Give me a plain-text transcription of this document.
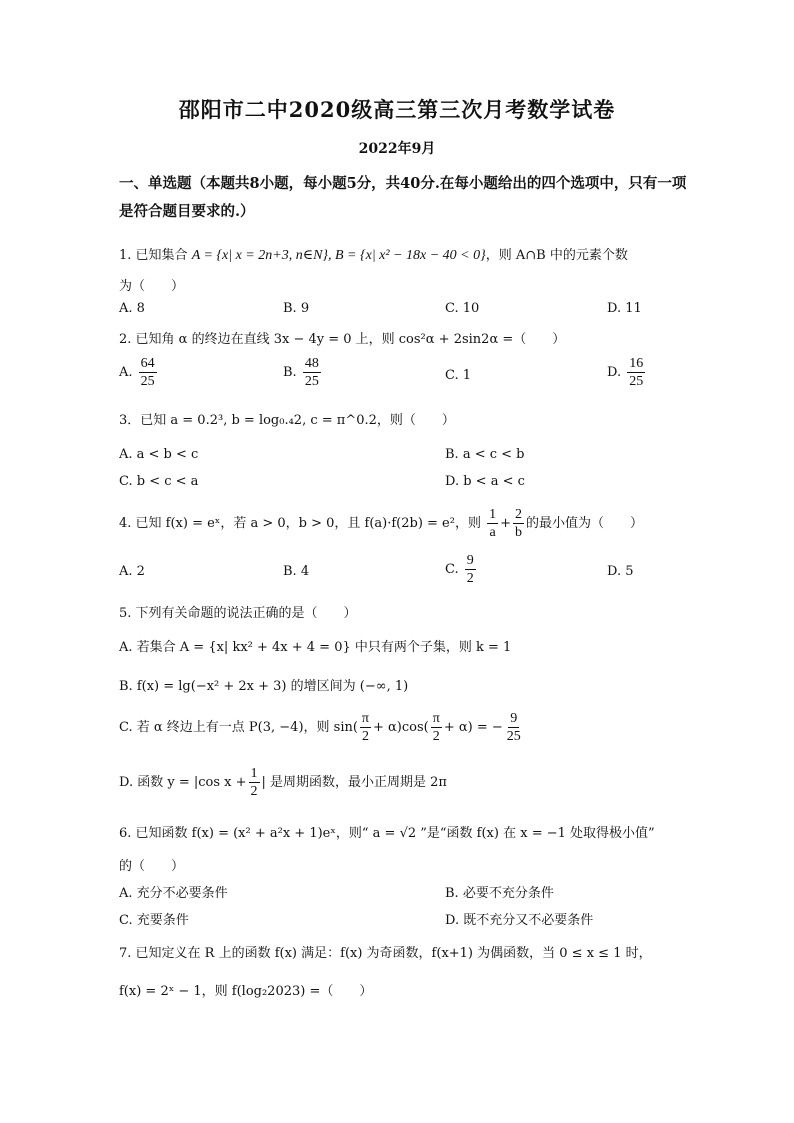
邵阳市二中2020级高三第三次月考数学试卷
2022年9月
一、单选题（本题共8小题，每小题5分，共40分.在每小题给出的四个选项中，只有一项是符合题目要求的.）
1. 已知集合 A = {x| x = 2n+3, n∈N}, B = {x| x² − 18x − 40 < 0}，则 A∩B 中的元素个数
为（　　）
A. 8	B. 9	C. 10	D. 11
2. 已知角 α 的终边在直线 3x − 4y = 0 上，则 cos²α + 2sin2α =（　　）
A. $\frac{64}{25}$	B. $\frac{48}{25}$	C. 1	D. $\frac{16}{25}$
3．已知 a = 0.2³, b = log₀.₄2, c = π^0.2，则（　　）
A. a < b < c	B. a < c < b
C. b < c < a	D. b < a < c
4. 已知 f(x) = eˣ，若 a > 0，b > 0，且 f(a)·f(2b) = e²，则 $\frac{1}{a} + \frac{2}{b}$ 的最小值为（　　）
A. 2	B. 4	C. $\frac{9}{2}$	D. 5
5. 下列有关命题的说法正确的是（　　）
A. 若集合 A = {x| kx² + 4x + 4 = 0} 中只有两个子集，则 k = 1
B. f(x) = lg(−x² + 2x + 3) 的增区间为 (−∞, 1)
C. 若 α 终边上有一点 P(3, −4)，则 $\sin( \frac{\pi}{2} + \alpha)\cos( \frac{\pi}{2} + \alpha)$ = − $\frac{9}{25}$
D. 函数 y = |cos $x + \frac{1}{2}$ | 是周期函数，最小正周期是 2π
6. 已知函数 f(x) = (x² + a²x + 1)eˣ，则“ a = √2 ”是“函数 f(x) 在 x = −1 处取得极小值”
的（　　）
A. 充分不必要条件	B. 必要不充分条件
C. 充要条件	D. 既不充分又不必要条件
7. 已知定义在 R 上的函数 f(x) 满足：f(x) 为奇函数，f(x+1) 为偶函数，当 0 ≤ x ≤ 1 时，
f(x) = 2ˣ − 1，则 f(log₂2023) =（　　）
